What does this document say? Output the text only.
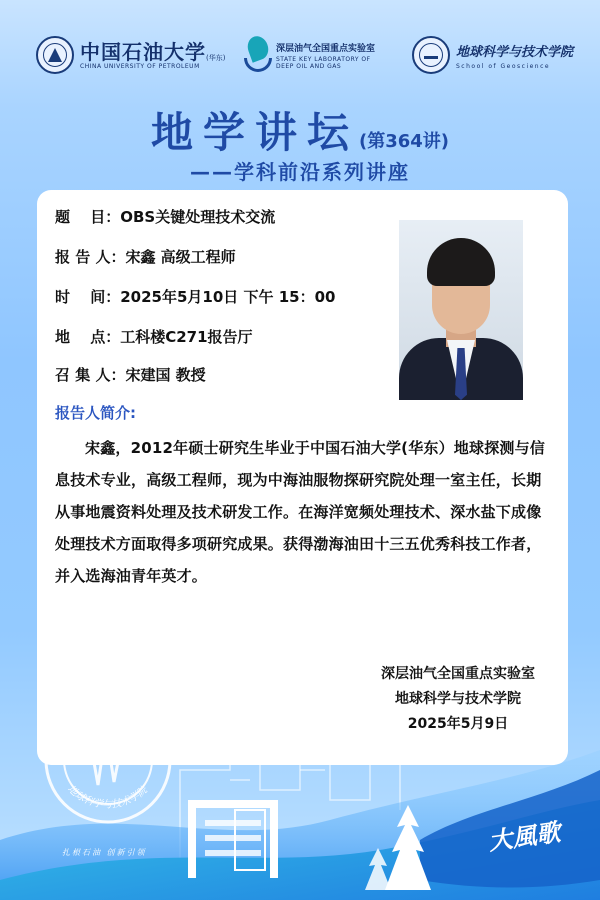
中国石油大学 (华东)
CHINA UNIVERSITY OF PETROLEUM
深层油气全国重点实验室
STATE KEY LABORATORY OF
DEEP OIL AND GAS
地球科学与技术学院
School of Geoscience
地学讲坛(第364讲)
——学科前沿系列讲座
题　 目：OBS关键处理技术交流
报 告 人：宋鑫 高级工程师
时　 间：2025年5月10日 下午 15：00
地　 点：工科楼C271报告厅
召 集 人：宋建国 教授
报告人简介:
宋鑫，2012年硕士研究生毕业于中国石油大学(华东）地球探测与信息技术专业，高级工程师，现为中海油服物探研究院处理一室主任，长期从事地震资料处理及技术研发工作。在海洋宽频处理技术、深水盐下成像处理技术方面取得多项研究成果。获得渤海油田十三五优秀科技工作者，并入选海油青年英才。
深层油气全国重点实验室
地球科学与技术学院
2025年5月9日
School of Geosciences
地球科学与技术学院
扎根石油 创新引领	大風歌
